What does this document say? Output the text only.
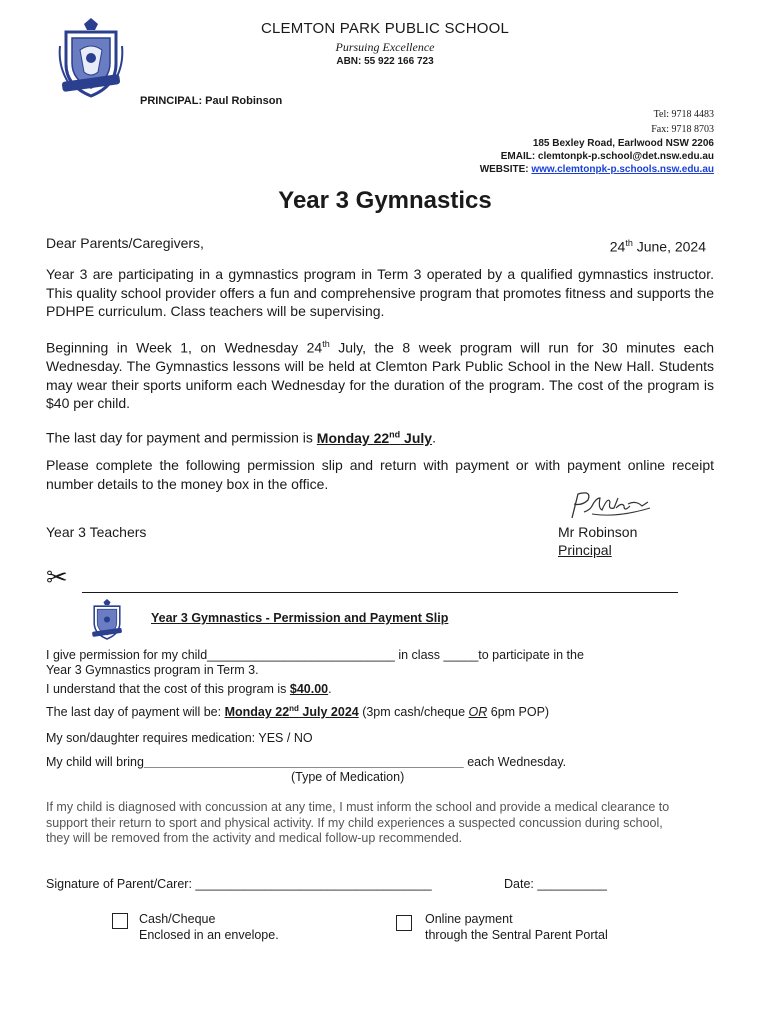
CLEMTON PARK PUBLIC SCHOOL
Pursuing Excellence
ABN: 55 922 166 723
PRINCIPAL: Paul Robinson
Tel: 9718 4483
Fax: 9718 8703
185 Bexley Road, Earlwood NSW 2206
EMAIL: clemtonpk-p.school@det.nsw.edu.au
WEBSITE: www.clemtonpk-p.schools.nsw.edu.au
Year 3 Gymnastics
Dear Parents/Caregivers,	24th June, 2024
Year 3 are participating in a gymnastics program in Term 3 operated by a qualified gymnastics instructor. This quality school provider offers a fun and comprehensive program that promotes fitness and supports the PDHPE curriculum. Class teachers will be supervising.
Beginning in Week 1, on Wednesday 24th July, the 8 week program will run for 30 minutes each Wednesday. The Gymnastics lessons will be held at Clemton Park Public School in the New Hall. Students may wear their sports uniform each Wednesday for the duration of the program. The cost of the program is $40 per child.
The last day for payment and permission is Monday 22nd July.
Please complete the following permission slip and return with payment or with payment online receipt number details to the money box in the office.
Year 3 Teachers	Mr Robinson
Principal
✂
Year 3 Gymnastics - Permission and Payment Slip
I give permission for my child___________________________ in class _____to participate in the
Year 3 Gymnastics program in Term 3.
I understand that the cost of this program is $40.00.
The last day of payment will be: Monday 22nd July 2024 (3pm cash/cheque OR 6pm POP)
My son/daughter requires medication: YES / NO
My child will bring______________________________________________ each Wednesday.
(Type of Medication)
If my child is diagnosed with concussion at any time, I must inform the school and provide a medical clearance to support their return to sport and physical activity. If my child experiences a suspected concussion during school, they will be removed from the activity and medical follow-up recommended.
Signature of Parent/Carer: __________________________________	Date: __________
Cash/Cheque
Enclosed in an envelope.
Online payment
through the Sentral Parent Portal
